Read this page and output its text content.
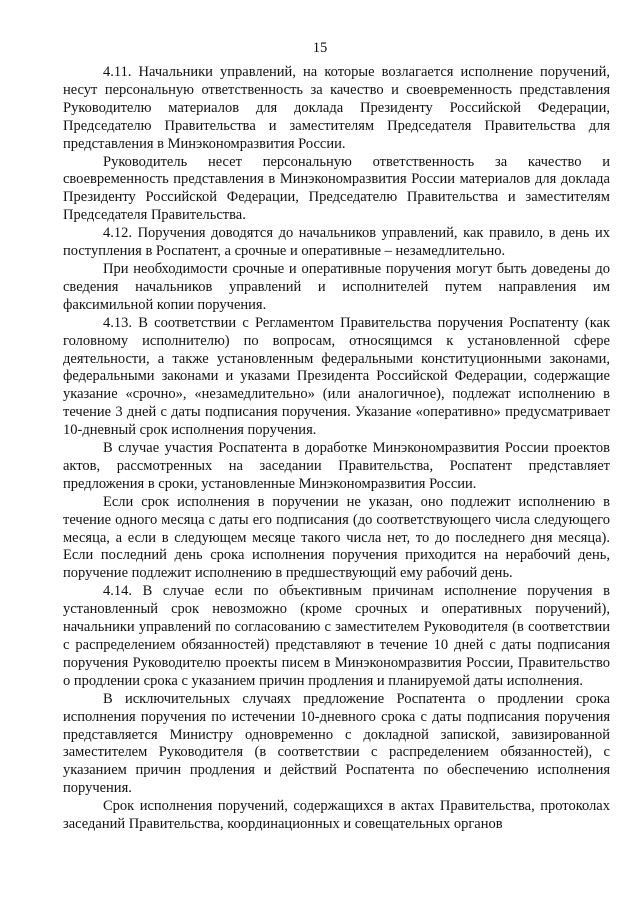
15

4.11. Начальники управлений, на которые возлагается исполнение поручений, несут персональную ответственность за качество и своевременность представления Руководителю материалов для доклада Президенту Российской Федерации, Председателю Правительства и заместителям Председателя Правительства для представления в Минэкономразвития России.

Руководитель несет персональную ответственность за качество и своевременность представления в Минэкономразвития России материалов для доклада Президенту Российской Федерации, Председателю Правительства и заместителям Председателя Правительства.

4.12. Поручения доводятся до начальников управлений, как правило, в день их поступления в Роспатент, а срочные и оперативные – незамедлительно.

При необходимости срочные и оперативные поручения могут быть доведены до сведения начальников управлений и исполнителей путем направления им факсимильной копии поручения.

4.13. В соответствии с Регламентом Правительства поручения Роспатенту (как головному исполнителю) по вопросам, относящимся к установленной сфере деятельности, а также установленным федеральными конституционными законами, федеральными законами и указами Президента Российской Федерации, содержащие указание «срочно», «незамедлительно» (или аналогичное), подлежат исполнению в течение 3 дней с даты подписания поручения. Указание «оперативно» предусматривает 10-дневный срок исполнения поручения.

В случае участия Роспатента в доработке Минэкономразвития России проектов актов, рассмотренных на заседании Правительства, Роспатент представляет предложения в сроки, установленные Минэкономразвития России.

Если срок исполнения в поручении не указан, оно подлежит исполнению в течение одного месяца с даты его подписания (до соответствующего числа следующего месяца, а если в следующем месяце такого числа нет, то до последнего дня месяца). Если последний день срока исполнения поручения приходится на нерабочий день, поручение подлежит исполнению в предшествующий ему рабочий день.

4.14. В случае если по объективным причинам исполнение поручения в установленный срок невозможно (кроме срочных и оперативных поручений), начальники управлений по согласованию с заместителем Руководителя (в соответствии с распределением обязанностей) представляют в течение 10 дней с даты подписания поручения Руководителю проекты писем в Минэкономразвития России, Правительство о продлении срока с указанием причин продления и планируемой даты исполнения.

В исключительных случаях предложение Роспатента о продлении срока исполнения поручения по истечении 10-дневного срока с даты подписания поручения представляется Министру одновременно с докладной запиской, завизированной заместителем Руководителя (в соответствии с распределением обязанностей), с указанием причин продления и действий Роспатента по обеспечению исполнения поручения.

Срок исполнения поручений, содержащихся в актах Правительства, протоколах заседаний Правительства, координационных и совещательных органов
